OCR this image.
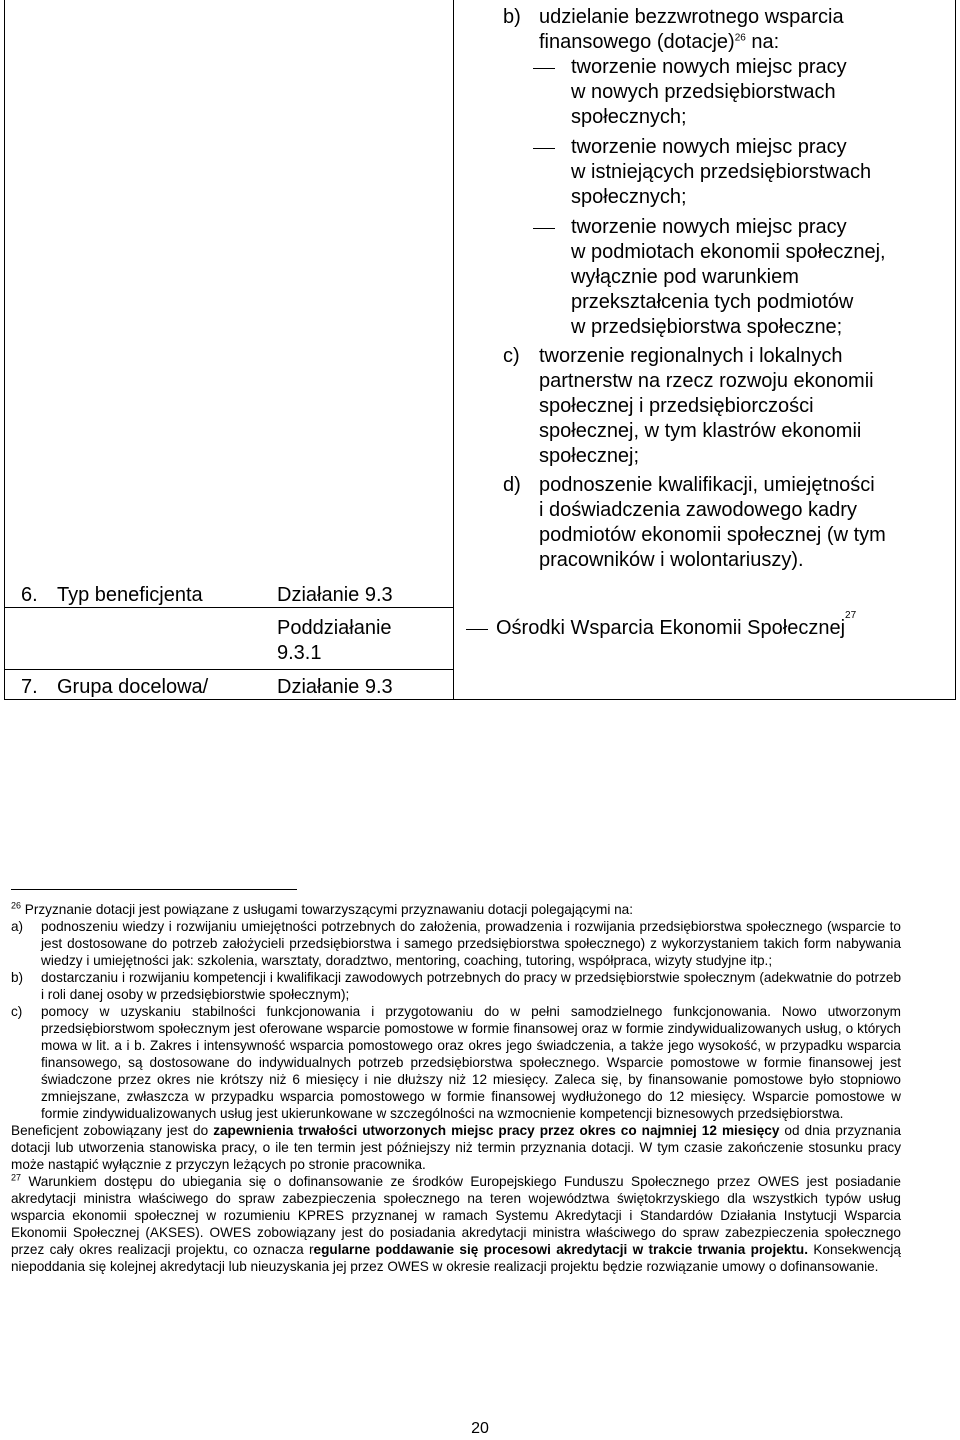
6. Typ beneficjenta	Działanie 9.3
Poddziałanie
9.3.1
7. Grupa docelowa/	Działanie 9.3
b) udzielanie bezzwrotnego wsparcia
finansowego (dotacje)$^{26}$ na:
tworzenie nowych miejsc pracy
w nowych przedsiębiorstwach
społecznych;
tworzenie nowych miejsc pracy
w istniejących przedsiębiorstwach
społecznych;
tworzenie nowych miejsc pracy
w podmiotach ekonomii społecznej,
wyłącznie pod warunkiem
przekształcenia tych podmiotów
w przedsiębiorstwa społeczne;
c) tworzenie regionalnych i lokalnych
partnerstw na rzecz rozwoju ekonomii
społecznej i przedsiębiorczości
społecznej, w tym klastrów ekonomii
społecznej;
d) podnoszenie kwalifikacji, umiejętności
i doświadczenia zawodowego kadry
podmiotów ekonomii społecznej (w tym
pracowników i wolontariuszy).
Ośrodki Wsparcia Ekonomii Społecznej
27
$^{26}$ Przyznanie dotacji jest powiązane z usługami towarzyszącymi przyznawaniu dotacji polegającymi na:
a)	podnoszeniu wiedzy i rozwijaniu umiejętności potrzebnych do założenia, prowadzenia i rozwijania przedsiębiorstwa społecznego (wsparcie to jest dostosowane do potrzeb założycieli przedsiębiorstwa i samego przedsiębiorstwa społecznego) z wykorzystaniem takich form nabywania wiedzy i umiejętności jak: szkolenia, warsztaty, doradztwo, mentoring, coaching, tutoring, współpraca, wizyty studyjne itp.;
b)	dostarczaniu i rozwijaniu kompetencji i kwalifikacji zawodowych potrzebnych do pracy w przedsiębiorstwie społecznym (adekwatnie do potrzeb i roli danej osoby w przedsiębiorstwie społecznym);
c)	pomocy w uzyskaniu stabilności funkcjonowania i przygotowaniu do w pełni samodzielnego funkcjonowania. Nowo utworzonym przedsiębiorstwom społecznym jest oferowane wsparcie pomostowe w formie finansowej oraz w formie zindywidualizowanych usług, o których mowa w lit. a i b. Zakres i intensywność wsparcia pomostowego oraz okres jego świadczenia, a także jego wysokość, w przypadku wsparcia finansowego, są dostosowane do indywidualnych potrzeb przedsiębiorstwa społecznego. Wsparcie pomostowe w formie finansowej jest świadczone przez okres nie krótszy niż 6 miesięcy i nie dłuższy niż 12 miesięcy. Zaleca się, by finansowanie pomostowe było stopniowo zmniejszane, zwłaszcza w przypadku wsparcia pomostowego w formie finansowej wydłużonego do 12 miesięcy. Wsparcie pomostowe w formie zindywidualizowanych usług jest ukierunkowane w szczególności na wzmocnienie kompetencji biznesowych przedsiębiorstwa.
Beneficjent zobowiązany jest do zapewnienia trwałości utworzonych miejsc pracy przez okres co najmniej 12 miesięcy od dnia przyznania dotacji lub utworzenia stanowiska pracy, o ile ten termin jest późniejszy niż termin przyznania dotacji. W tym czasie zakończenie stosunku pracy może nastąpić wyłącznie z przyczyn leżących po stronie pracownika.
$^{27}$ Warunkiem dostępu do ubiegania się o dofinansowanie ze środków Europejskiego Funduszu Społecznego przez OWES jest posiadanie akredytacji ministra właściwego do spraw zabezpieczenia społecznego na teren województwa świętokrzyskiego dla wszystkich typów usług wsparcia ekonomii społecznej w rozumieniu KPRES przyznanej w ramach Systemu Akredytacji i Standardów Działania Instytucji Wsparcia Ekonomii Społecznej (AKSES). OWES zobowiązany jest do posiadania akredytacji ministra właściwego do spraw zabezpieczenia społecznego przez cały okres realizacji projektu, co oznacza regularne poddawanie się procesowi akredytacji w trakcie trwania projektu. Konsekwencją niepoddania się kolejnej akredytacji lub nieuzyskania jej przez OWES w okresie realizacji projektu będzie rozwiązanie umowy o dofinansowanie.
20
